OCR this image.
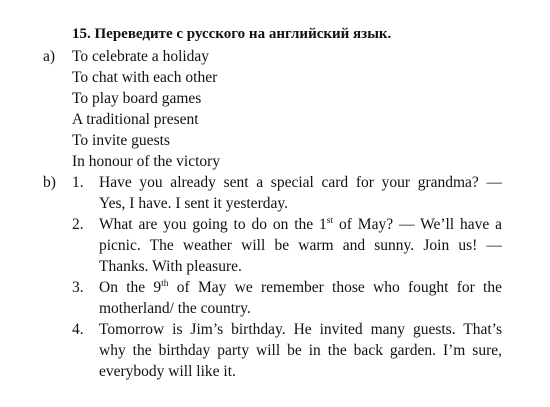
15. Переведите с русского на английский язык.
a) To celebrate a holiday
To chat with each other
To play board games
A traditional present
To invite guests
In honour of the victory
b) 1. Have you already sent a special card for your grandma? —
Yes, I have. I sent it yesterday.
2. What are you going to do on the 1st of May? — We’ll have a
picnic. The weather will be warm and sunny. Join us! —
Thanks. With pleasure.
3. On the 9th of May we remember those who fought for the
motherland/ the country.
4. Tomorrow is Jim’s birthday. He invited many guests. That’s
why the birthday party will be in the back garden. I’m sure,
everybody will like it.
